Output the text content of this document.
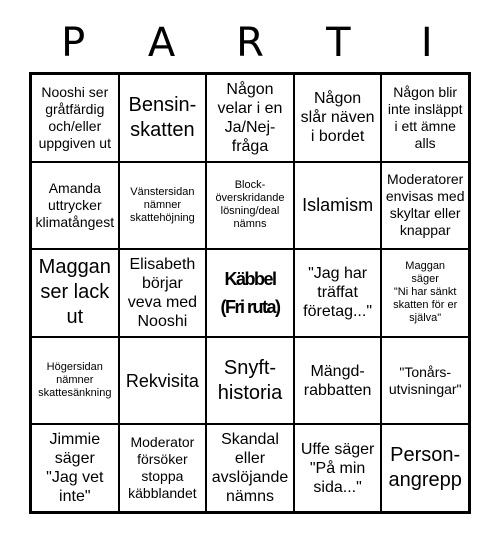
P	A	R	T	I
Nooshi ser
gråtfärdig
och/eller
uppgiven ut
Bensin-
skatten
Någon
velar i en
Ja/Nej-
fråga
Någon
slår näven
i bordet
Någon blir
inte insläppt
i ett ämne
alls
Amanda
uttrycker
klimatångest
Vänstersidan
nämner
skattehöjning
Block-
överskridande
lösning/deal
nämns
Islamism
Moderatorer
envisas med
skyltar eller
knappar
Maggan
ser lack
ut
Elisabeth
börjar
veva med
Nooshi
Käbbel
(Fri ruta)
"Jag har
träffat
företag..."
Maggan
säger
"Ni har sänkt
skatten för er
själva"
Högersidan
nämner
skattesänkning
Rekvisita
Snyft-
historia
Mängd-
rabbatten
"Tonårs-
utvisningar"
Jimmie
säger
"Jag vet
inte"
Moderator
försöker
stoppa
käbblandet
Skandal
eller
avslöjande
nämns
Uffe säger
"På min
sida..."
Person-
angrepp
